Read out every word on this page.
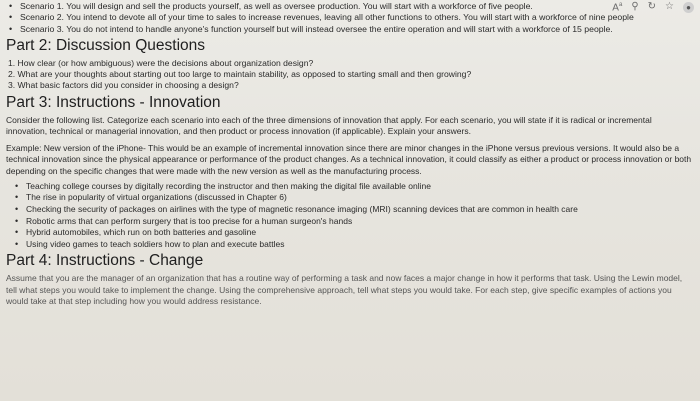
$A^a$ ⚲ ↻ ☆	●
• Scenario 1. You will design and sell the products yourself, as well as oversee production. You will start with a workforce of five people.
• Scenario 2. You intend to devote all of your time to sales to increase revenues, leaving all other functions to others. You will start with a workforce of nine people
• Scenario 3. You do not intend to handle anyone's function yourself but will instead oversee the entire operation and will start with a workforce of 15 people.
Part 2: Discussion Questions
1. How clear (or how ambiguous) were the decisions about organization design?
2. What are your thoughts about starting out too large to maintain stability, as opposed to starting small and then growing?
3. What basic factors did you consider in choosing a design?
Part 3: Instructions - Innovation

Consider the following list. Categorize each scenario into each of the three dimensions of innovation that apply. For each scenario, you will state if it is radical or incremental innovation, technical or managerial innovation, and then product or process innovation (if applicable). Explain your answers.

Example: New version of the iPhone- This would be an example of incremental innovation since there are minor changes in the iPhone versus previous versions. It would also be a technical innovation since the physical appearance or performance of the product changes. As a technical innovation, it could classify as either a product or process innovation or both depending on the specific changes that were made with the new version as well as the manufacturing process.

• Teaching college courses by digitally recording the instructor and then making the digital file available online
• The rise in popularity of virtual organizations (discussed in Chapter 6)
• Checking the security of packages on airlines with the type of magnetic resonance imaging (MRI) scanning devices that are common in health care
• Robotic arms that can perform surgery that is too precise for a human surgeon's hands
• Hybrid automobiles, which run on both batteries and gasoline
• Using video games to teach soldiers how to plan and execute battles
Part 4: Instructions - Change

Assume that you are the manager of an organization that has a routine way of performing a task and now faces a major change in how it performs that task. Using the Lewin model, tell what steps you would take to implement the change. Using the comprehensive approach, tell what steps you would take. For each step, give specific examples of actions you would take at that step including how you would address resistance.
